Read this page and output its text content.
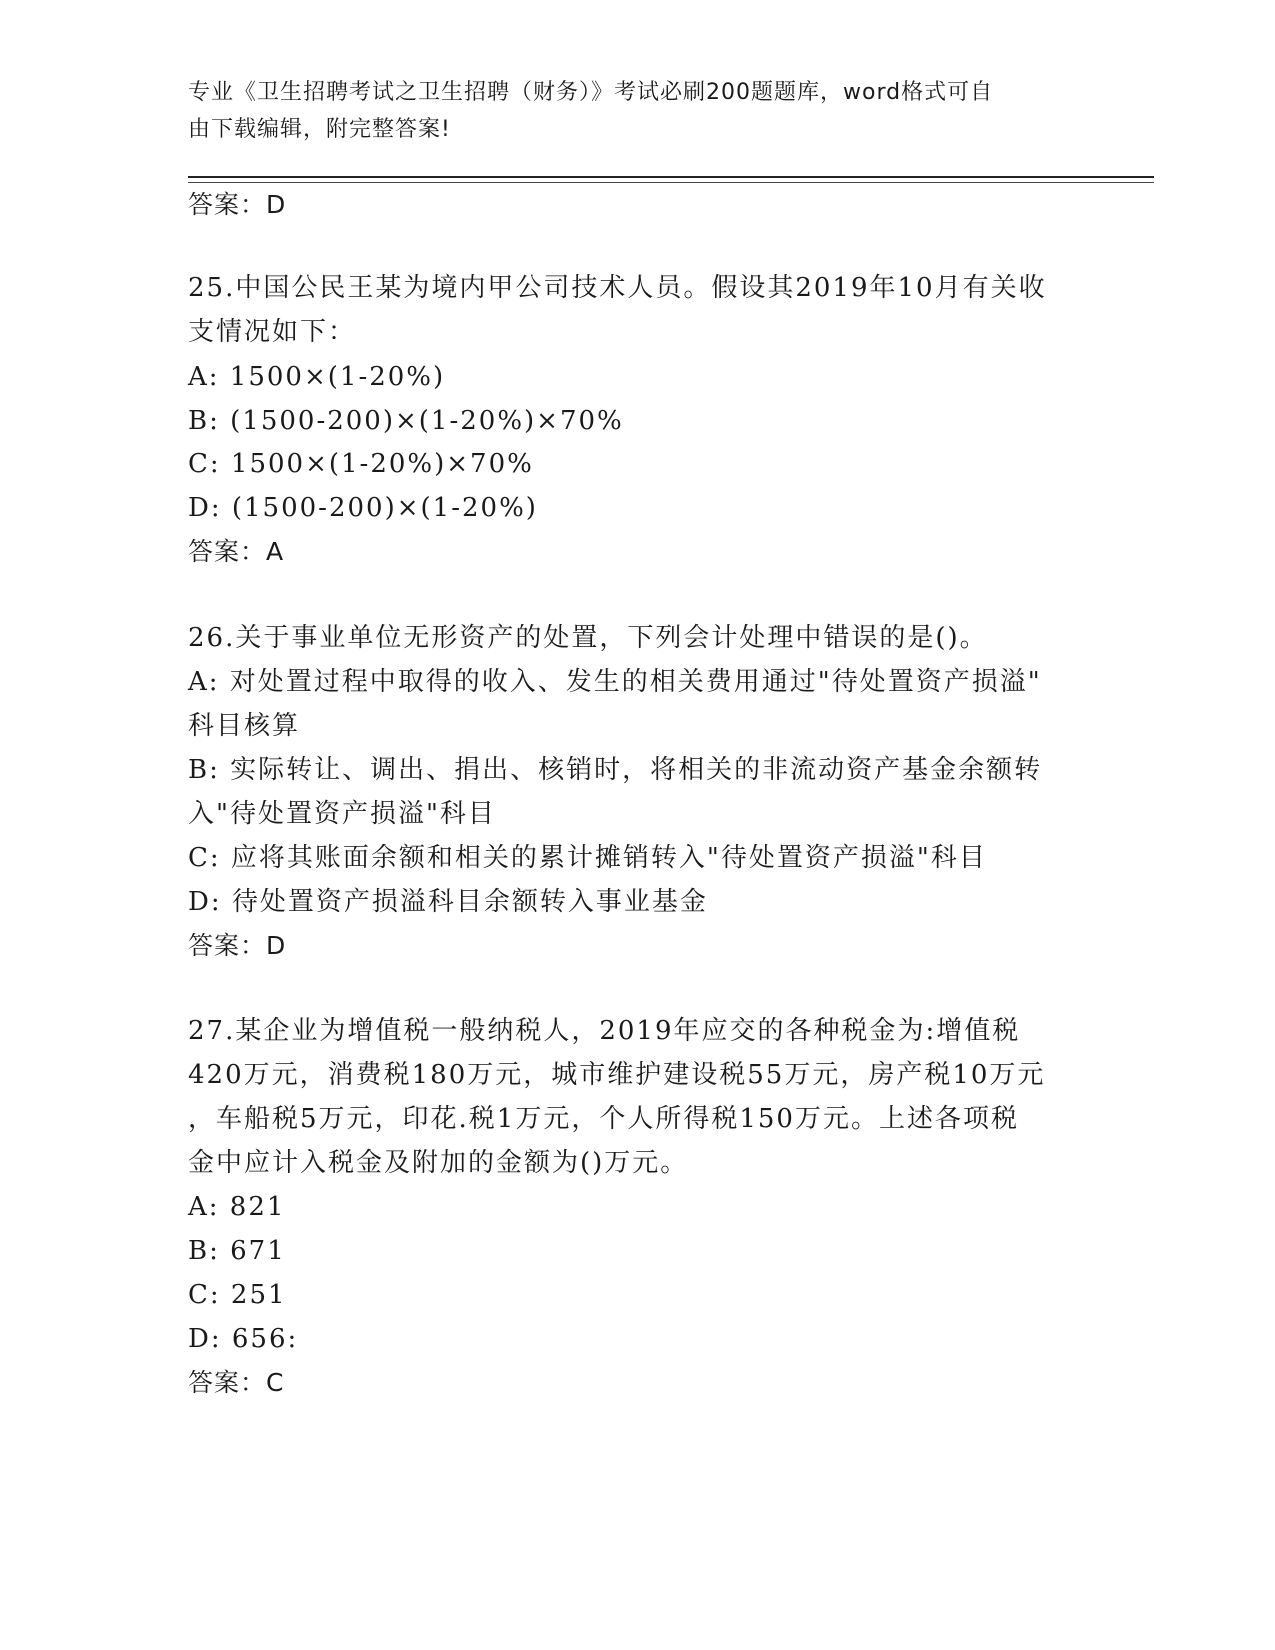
专业《卫生招聘考试之卫生招聘（财务）》考试必刷200题题库，word格式可自
由下载编辑，附完整答案!
答案：D
25.中国公民王某为境内甲公司技术人员。假设其2019年10月有关收
支情况如下：
A: 1500×(1-20%)
B: (1500-200)×(1-20%)×70%
C: 1500×(1-20%)×70%
D: (1500-200)×(1-20%)
答案：A
26.关于事业单位无形资产的处置，下列会计处理中错误的是()。
A: 对处置过程中取得的收入、发生的相关费用通过"待处置资产损溢"
科目核算
B: 实际转让、调出、捐出、核销时，将相关的非流动资产基金余额转
入"待处置资产损溢"科目
C: 应将其账面余额和相关的累计摊销转入"待处置资产损溢"科目
D: 待处置资产损溢科目余额转入事业基金
答案：D
27.某企业为增值税一般纳税人，2019年应交的各种税金为:增值税
420万元，消费税180万元，城市维护建设税55万元，房产税10万元
，车船税5万元，印花.税1万元，个人所得税150万元。上述各项税
金中应计入税金及附加的金额为()万元。
A: 821
B: 671
C: 251
D: 656:
答案：C
